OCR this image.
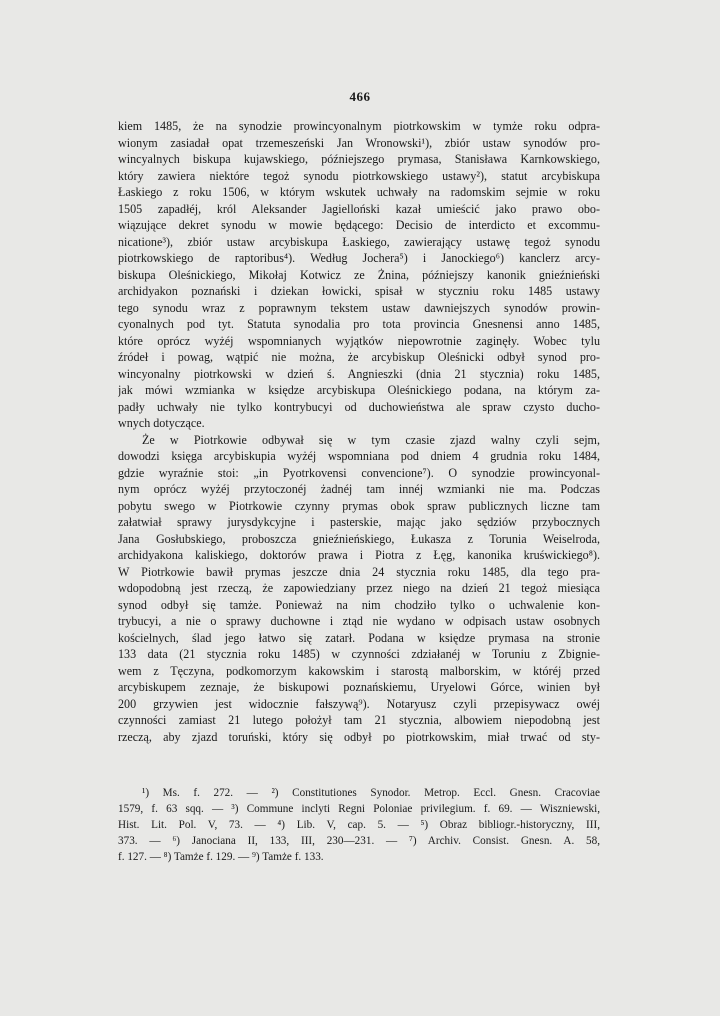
466
kiem 1485, że na synodzie prowincyonalnym piotrkowskim w tymże roku odpra-
wionym zasiadał opat trzemeszeński Jan Wronowski¹), zbiór ustaw synodów pro-
wincyalnych biskupa kujawskiego, późniejszego prymasa, Stanisława Karnkowskiego,
który zawiera niektóre tegoż synodu piotrkowskiego ustawy²), statut arcybiskupa
Łaskiego z roku 1506, w którym wskutek uchwały na radomskim sejmie w roku
1505 zapadłéj, król Aleksander Jagielloński kazał umieścić jako prawo obo-
wiązujące dekret synodu w mowie będącego: Decisio de interdicto et excommu-
nicatione³), zbiór ustaw arcybiskupa Łaskiego, zawierający ustawę tegoż synodu
piotrkowskiego de raptoribus⁴). Według Jochera⁵) i Janockiego⁶) kanclerz arcy-
biskupa Oleśnickiego, Mikołaj Kotwicz ze Żnina, późniejszy kanonik gnieźnieński
archidyakon poznański i dziekan łowicki, spisał w styczniu roku 1485 ustawy
tego synodu wraz z poprawnym tekstem ustaw dawniejszych synodów prowin-
cyonalnych pod tyt. Statuta synodalia pro tota provincia Gnesnensi anno 1485,
które oprócz wyżéj wspomnianych wyjątków niepowrotnie zaginęły. Wobec tylu
źródeł i powag, wątpić nie można, że arcybiskup Oleśnicki odbył synod pro-
wincyonalny piotrkowski w dzień ś. Angnieszki (dnia 21 stycznia) roku 1485,
jak mówi wzmianka w księdze arcybiskupa Oleśnickiego podana, na którym za-
padły uchwały nie tylko kontrybucyi od duchowieństwa ale spraw czysto ducho-
wnych dotyczące.
Że w Piotrkowie odbywał się w tym czasie zjazd walny czyli sejm,
dowodzi księga arcybiskupia wyżéj wspomniana pod dniem 4 grudnia roku 1484,
gdzie wyraźnie stoi: „in Pyotrkovensi convencione⁷). O synodzie prowincyonal-
nym oprócz wyżéj przytoczonéj żadnéj tam innéj wzmianki nie ma. Podczas
pobytu swego w Piotrkowie czynny prymas obok spraw publicznych liczne tam
załatwiał sprawy jurysdykcyjne i pasterskie, mając jako sędziów przybocznych
Jana Gosłubskiego, proboszcza gnieźnieńskiego, Łukasza z Torunia Weiselroda,
archidyakona kaliskiego, doktorów prawa i Piotra z Łęg, kanonika kruświckiego⁸).
W Piotrkowie bawił prymas jeszcze dnia 24 stycznia roku 1485, dla tego pra-
wdopodobną jest rzeczą, że zapowiedziany przez niego na dzień 21 tegoż miesiąca
synod odbył się tamże. Ponieważ na nim chodziło tylko o uchwalenie kon-
trybucyi, a nie o sprawy duchowne i ztąd nie wydano w odpisach ustaw osobnych
kościelnych, ślad jego łatwo się zatarł. Podana w księdze prymasa na stronie
133 data (21 stycznia roku 1485) w czynności zdziałanéj w Toruniu z Zbignie-
wem z Tęczyna, podkomorzym kakowskim i starostą malborskim, w któréj przed
arcybiskupem zeznaje, że biskupowi poznańskiemu, Uryelowi Górce, winien był
200 grzywien jest widocznie fałszywą⁹). Notaryusz czyli przepisywacz owéj
czynności zamiast 21 lutego położył tam 21 stycznia, albowiem niepodobną jest
rzeczą, aby zjazd toruński, który się odbył po piotrkowskim, miał trwać od sty-
¹) Ms. f. 272. — ²) Constitutiones Synodor. Metrop. Eccl. Gnesn. Cracoviae
1579, f. 63 sqq. — ³) Commune inclyti Regni Poloniae privilegium. f. 69. — Wiszniewski,
Hist. Lit. Pol. V, 73. — ⁴) Lib. V, cap. 5. — ⁵) Obraz bibliogr.-historyczny, III,
373. — ⁶) Janociana II, 133, III, 230—231. — ⁷) Archiv. Consist. Gnesn. A. 58,
f. 127. — ⁸) Tamże f. 129. — ⁹) Tamże f. 133.
